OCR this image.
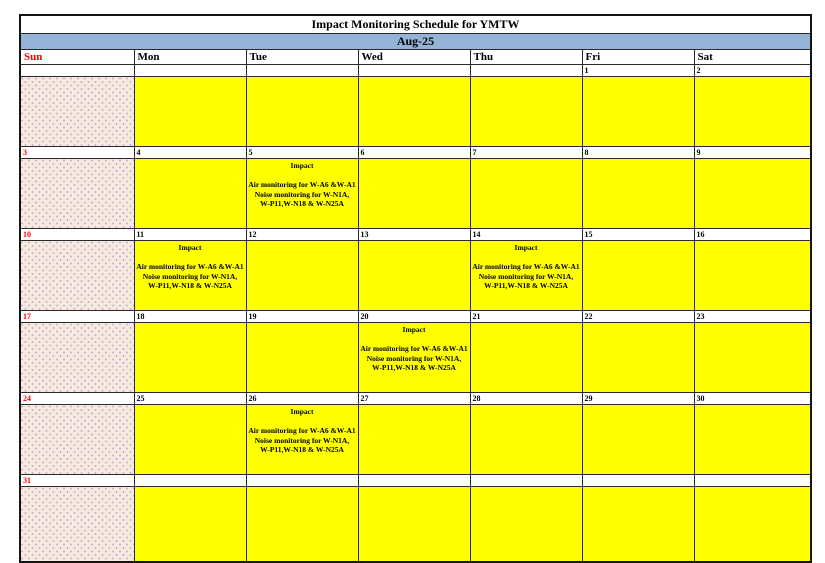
Impact Monitoring Schedule for YMTW						
Aug-25						
Sun	Mon	Tue	Wed	Thu	Fri	Sat
					1	2

3	4	5	6	7	8	9

		Impact

Air monitoring for W-A6 &W-A1
Noise monitoring for W-N1A,
W-P11,W-N18 & W-N25A				

10	11	12	13	14	15	16

	Impact

Air monitoring for W-A6 &W-A1
Noise monitoring for W-N1A,
W-P11,W-N18 & W-N25A			Impact

Air monitoring for W-A6 &W-A1
Noise monitoring for W-N1A,
W-P11,W-N18 & W-N25A		

17	18	19	20	21	22	23

			Impact

Air monitoring for W-A6 &W-A1
Noise monitoring for W-N1A,
W-P11,W-N18 & W-N25A			

24	25	26	27	28	29	30

		Impact

Air monitoring for W-A6 &W-A1
Noise monitoring for W-N1A,
W-P11,W-N18 & W-N25A				

31						
